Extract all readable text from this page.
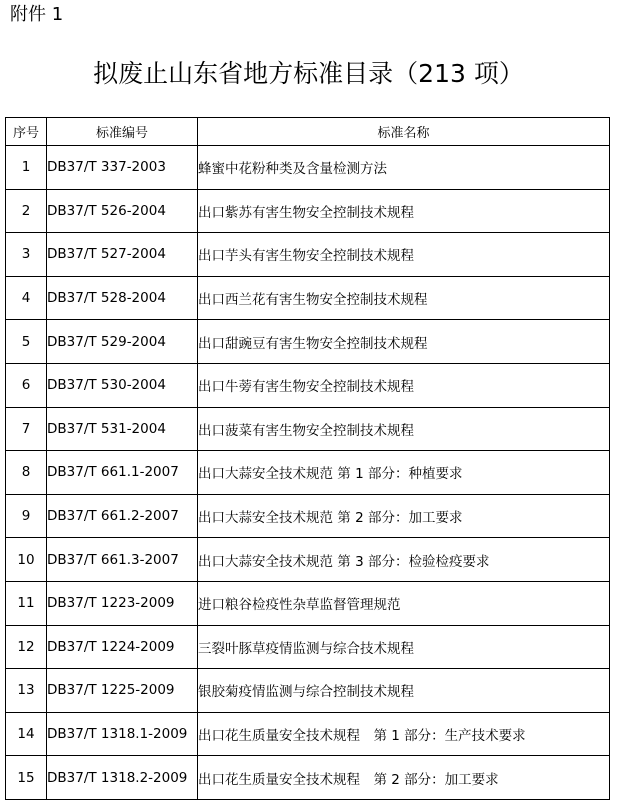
附件 1
拟废止山东省地方标准目录（213 项）
序号	标准编号	标准名称
1	DB37/T 337-2003	蜂蜜中花粉种类及含量检测方法
2	DB37/T 526-2004	出口紫苏有害生物安全控制技术规程
3	DB37/T 527-2004	出口芋头有害生物安全控制技术规程
4	DB37/T 528-2004	出口西兰花有害生物安全控制技术规程
5	DB37/T 529-2004	出口甜豌豆有害生物安全控制技术规程
6	DB37/T 530-2004	出口牛蒡有害生物安全控制技术规程
7	DB37/T 531-2004	出口菠菜有害生物安全控制技术规程
8	DB37/T 661.1-2007	出口大蒜安全技术规范 第 1 部分：种植要求
9	DB37/T 661.2-2007	出口大蒜安全技术规范 第 2 部分：加工要求
10	DB37/T 661.3-2007	出口大蒜安全技术规范 第 3 部分：检验检疫要求
11	DB37/T 1223-2009	进口粮谷检疫性杂草监督管理规范
12	DB37/T 1224-2009	三裂叶豚草疫情监测与综合技术规程
13	DB37/T 1225-2009	银胶菊疫情监测与综合控制技术规程
14	DB37/T 1318.1-2009	出口花生质量安全技术规程　第 1 部分：生产技术要求
15	DB37/T 1318.2-2009	出口花生质量安全技术规程　第 2 部分：加工要求
